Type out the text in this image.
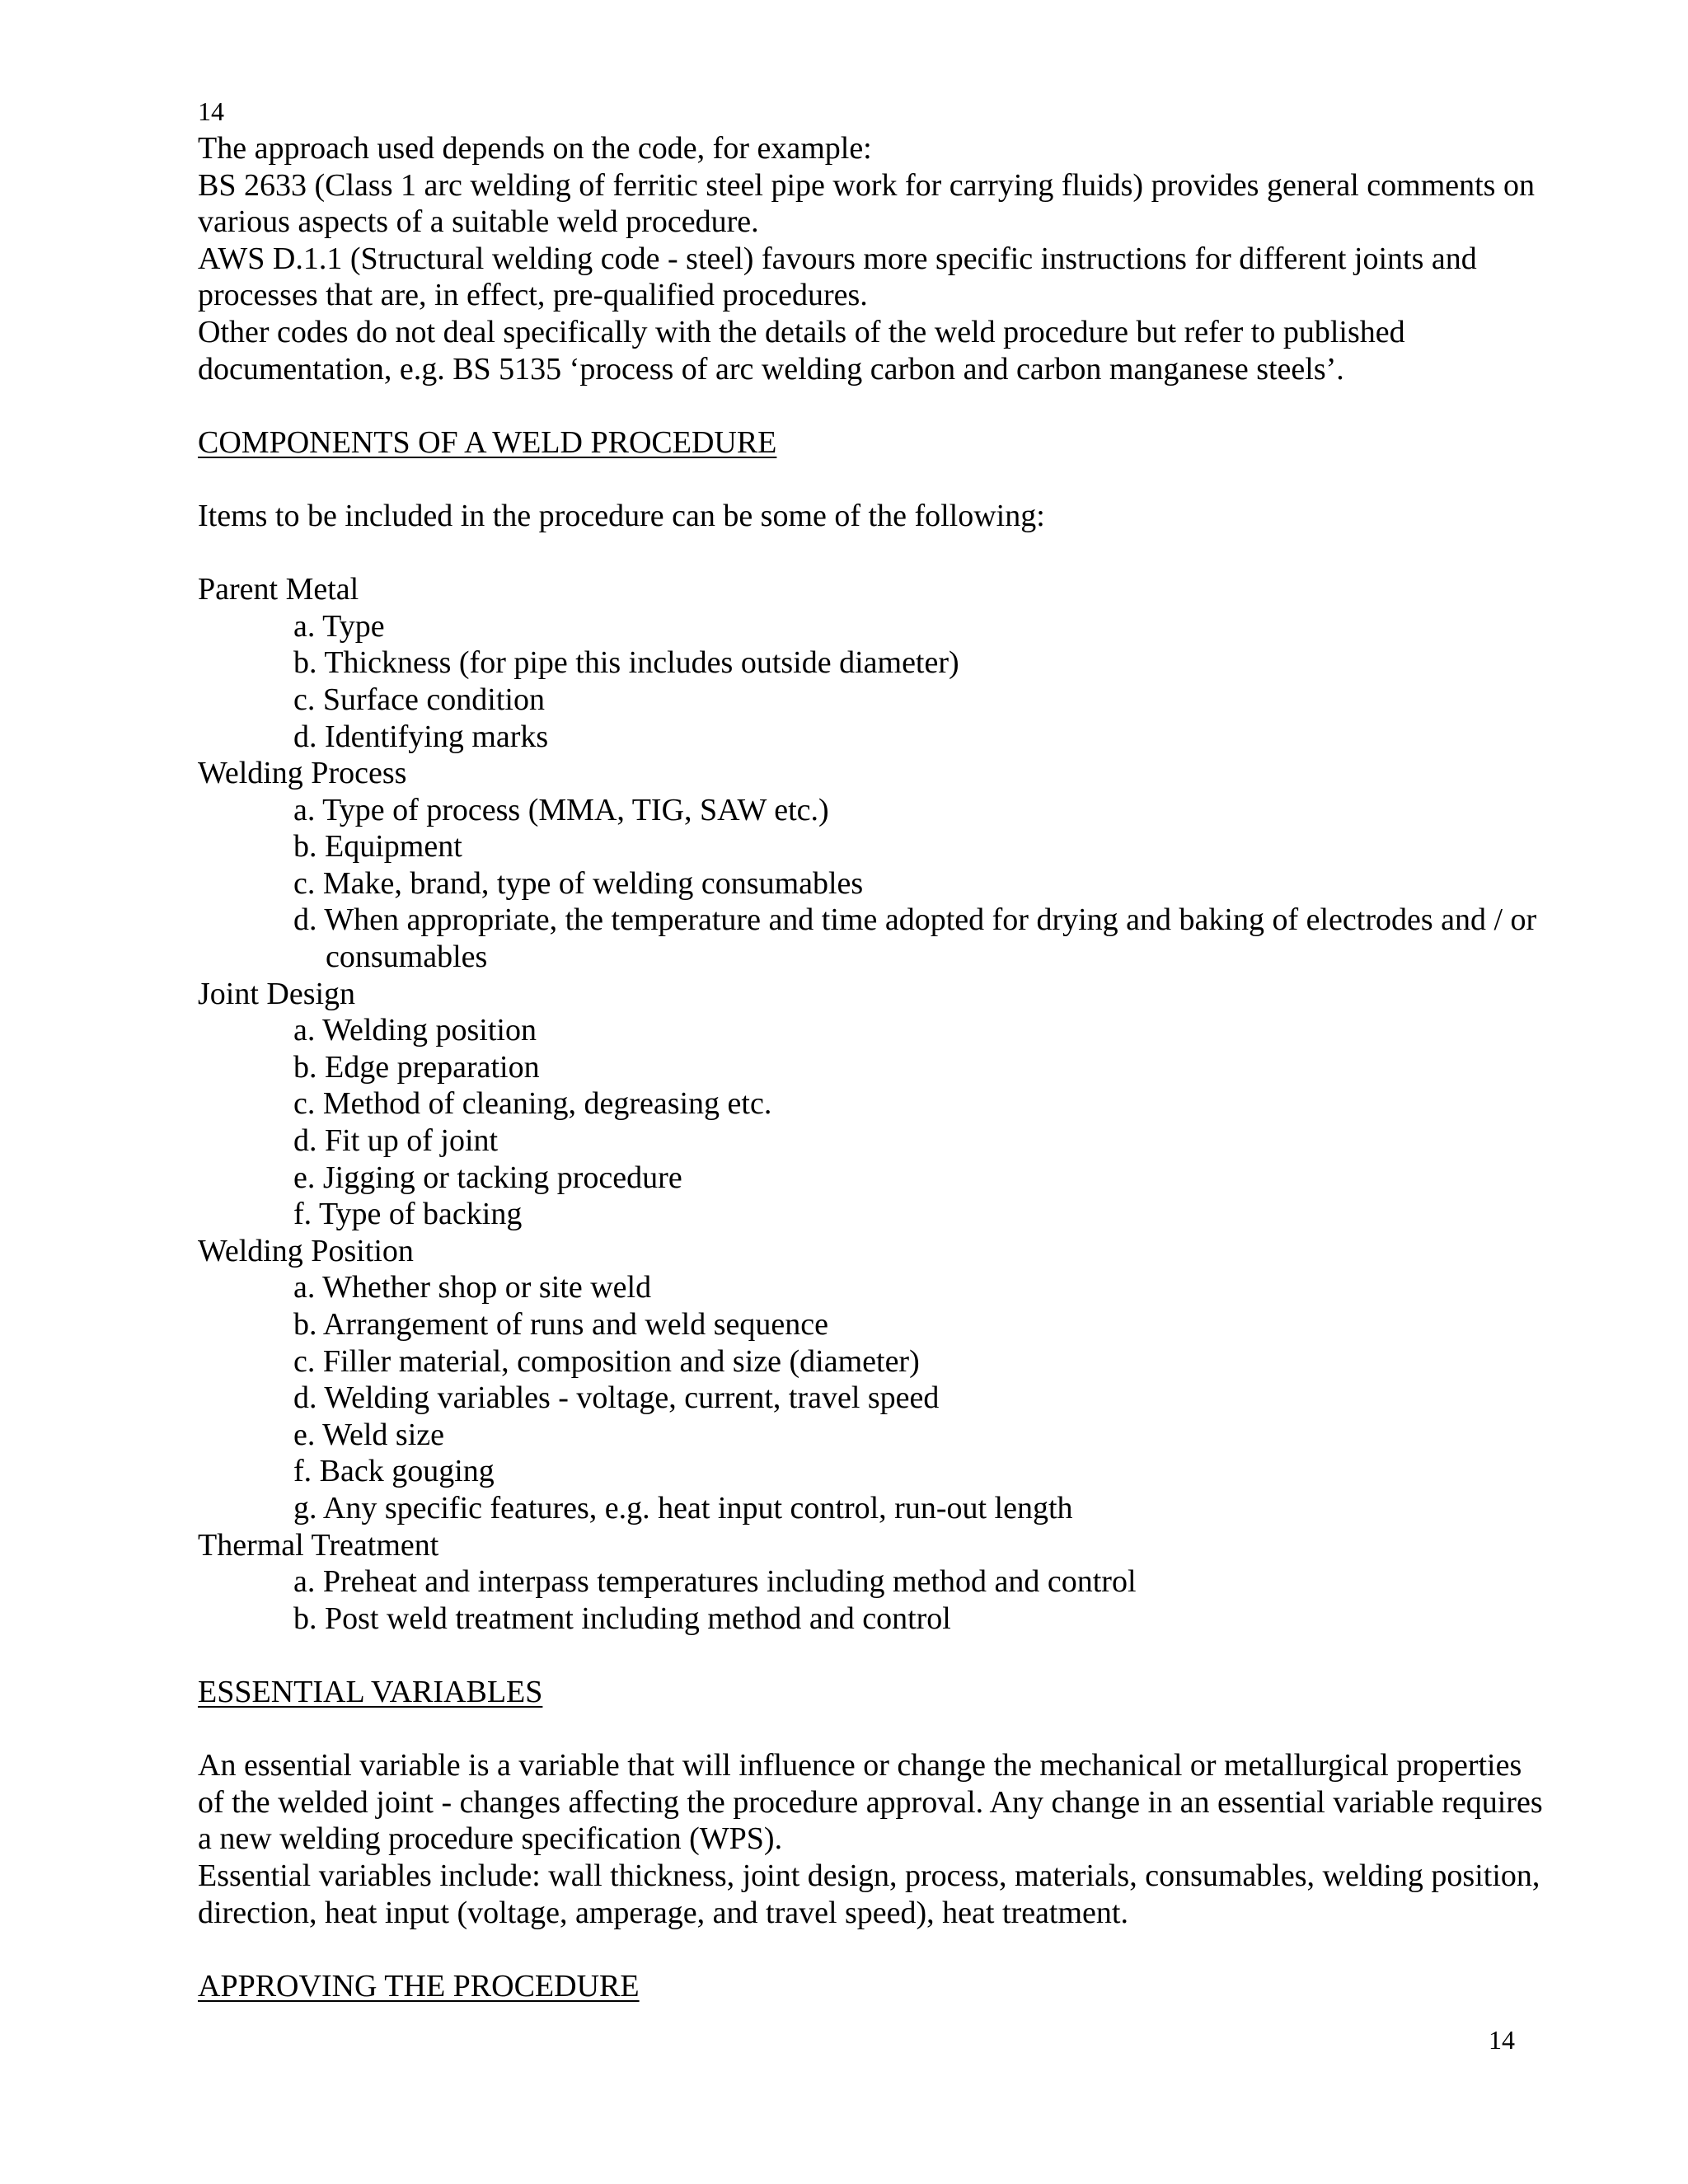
14

The approach used depends on the code, for example:

BS 2633 (Class 1 arc welding of ferritic steel pipe work for carrying fluids) provides general comments on various aspects of a suitable weld procedure.

AWS D.1.1 (Structural welding code - steel) favours more specific instructions for different joints and processes that are, in effect, pre-qualified procedures.

Other codes do not deal specifically with the details of the weld procedure but refer to published documentation, e.g. BS 5135 ‘process of arc welding carbon and carbon manganese steels’.

COMPONENTS OF A WELD PROCEDURE

Items to be included in the procedure can be some of the following:

Parent Metal

a. Type
b. Thickness (for pipe this includes outside diameter)
c. Surface condition
d. Identifying marks

Welding Process

a. Type of process (MMA, TIG, SAW etc.)
b. Equipment
c. Make, brand, type of welding consumables
d. When appropriate, the temperature and time adopted for drying and baking of electrodes and / or consumables

Joint Design

a. Welding position
b. Edge preparation
c. Method of cleaning, degreasing etc.
d. Fit up of joint
e. Jigging or tacking procedure
f. Type of backing

Welding Position

a. Whether shop or site weld
b. Arrangement of runs and weld sequence
c. Filler material, composition and size (diameter)
d. Welding variables - voltage, current, travel speed
e. Weld size
f. Back gouging
g. Any specific features, e.g. heat input control, run-out length

Thermal Treatment

a. Preheat and interpass temperatures including method and control
b. Post weld treatment including method and control

ESSENTIAL VARIABLES

An essential variable is a variable that will influence or change the mechanical or metallurgical properties of the welded joint - changes affecting the procedure approval. Any change in an essential variable requires a new welding procedure specification (WPS).

Essential variables include: wall thickness, joint design, process, materials, consumables, welding position, direction, heat input (voltage, amperage, and travel speed), heat treatment.

APPROVING THE PROCEDURE

14
